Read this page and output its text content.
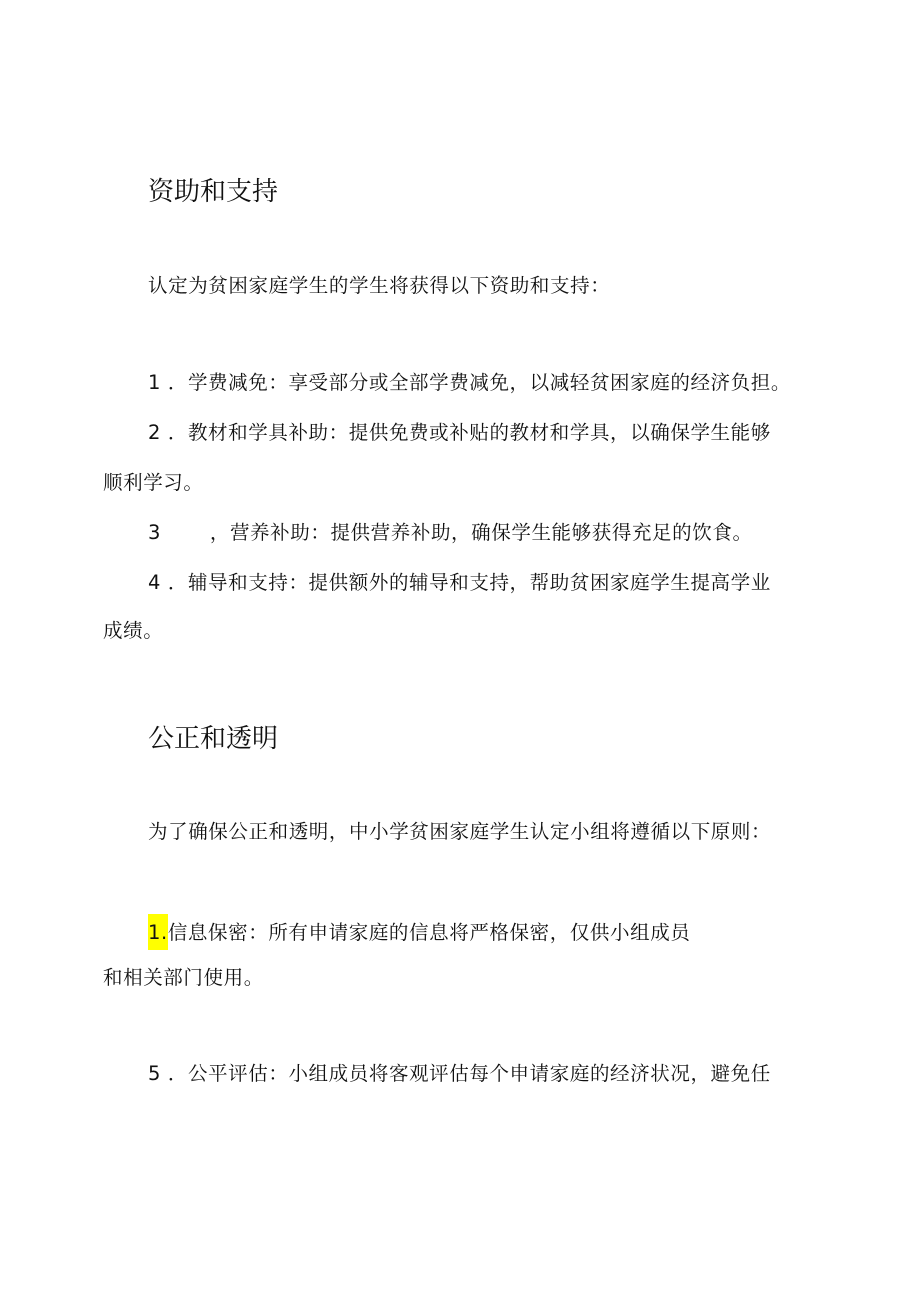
资助和支持

认定为贫困家庭学生的学生将获得以下资助和支持：

1 ．学费减免：享受部分或全部学费减免，以减轻贫困家庭的经济负担。

2 ．教材和学具补助：提供免费或补贴的教材和学具，以确保学生能够

顺利学习。

3	，营养补助：提供营养补助，确保学生能够获得充足的饮食。

4 ．辅导和支持：提供额外的辅导和支持，帮助贫困家庭学生提高学业

成绩。

公正和透明

为了确保公正和透明，中小学贫困家庭学生认定小组将遵循以下原则：

1.信息保密：所有申请家庭的信息将严格保密，仅供小组成员

和相关部门使用。

5 ．公平评估：小组成员将客观评估每个申请家庭的经济状况，避免任
